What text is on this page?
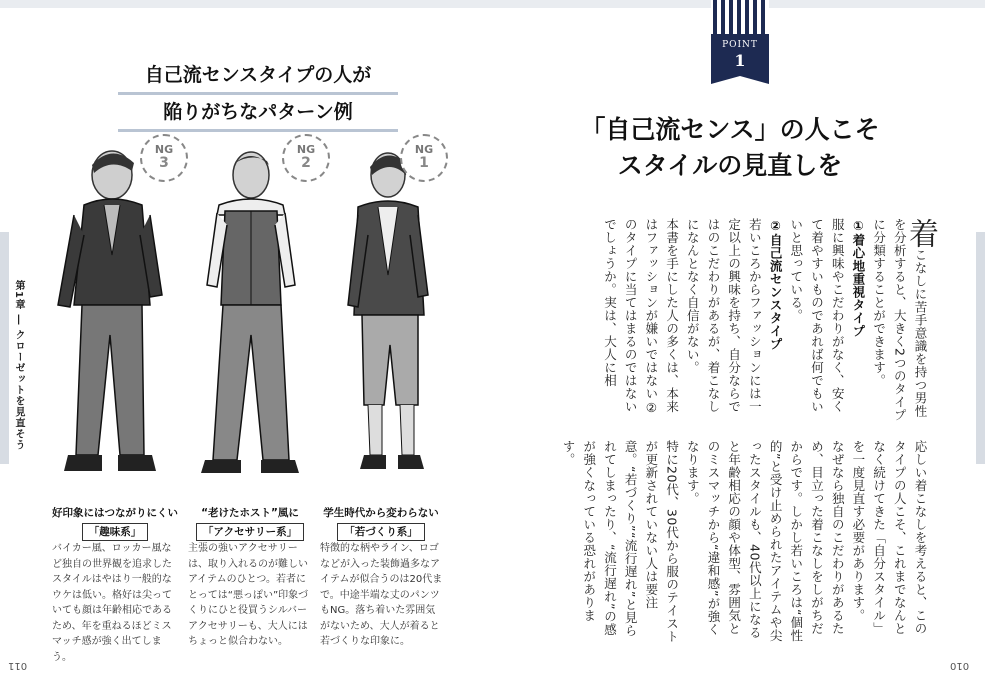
自己流センスタイプの人が
陥りがちなパターン例
第1章 ― クローゼットを見直そう
NG
3
NG
2
NG
1
好印象にはつながりにくい
「趣味系」
バイカー風、ロッカー風など独自の世界観を追求したスタイルはやはり一般的なウケは低い。格好は尖っていても顔は年齢相応であるため、年を重ねるほどミスマッチ感が強く出てしまう。
“老けたホスト”風に
「アクセサリー系」
主張の強いアクセサリーは、取り入れるのが難しいアイテムのひとつ。若者にとっては“悪っぽい”印象づくりにひと役買うシルバーアクセサリーも、大人にはちょっと似合わない。
学生時代から変わらない
「若づくり系」
特徴的な柄やライン、ロゴなどが入った装飾過多なアイテムが似合うのは20代まで。中途半端な丈のパンツもNG。落ち着いた雰囲気がないため、大人が着ると若づくりな印象に。
011
POINT
1
「自己流センス」の人こそ
スタイルの見直しを

着こなしに苦手意識を持つ男性を分析すると、大きく2つのタイプに分類することができます。

①着心地重視タイプ

服に興味やこだわりがなく、安くて着やすいものであれば何でもいいと思っている。

②自己流センスタイプ

若いころからファッションには一定以上の興味を持ち、自分ならではのこだわりがあるが、着こなしになんとなく自信がない。

本書を手にした人の多くは、本来はファッションが嫌いではない②のタイプに当てはまるのではないでしょうか。実は、大人に相

応しい着こなしを考えると、このタイプの人こそ、これまでなんとなく続けてきた「自分スタイル」を一度見直す必要があります。

なぜなら独自のこだわりがあるため、目立った着こなしをしがちだからです。しかし若いころは“個性的”と受け止められたアイテムや尖ったスタイルも、40代以上になると年齢相応の顔や体型、雰囲気とのミスマッチから“違和感”が強くなります。

特に20代、30代から服のテイストが更新されていない人は要注意。“若づくり”“流行遅れ”と見られてしまったり、“流行遅れ”の感が強くなっている恐れがあります。

010
